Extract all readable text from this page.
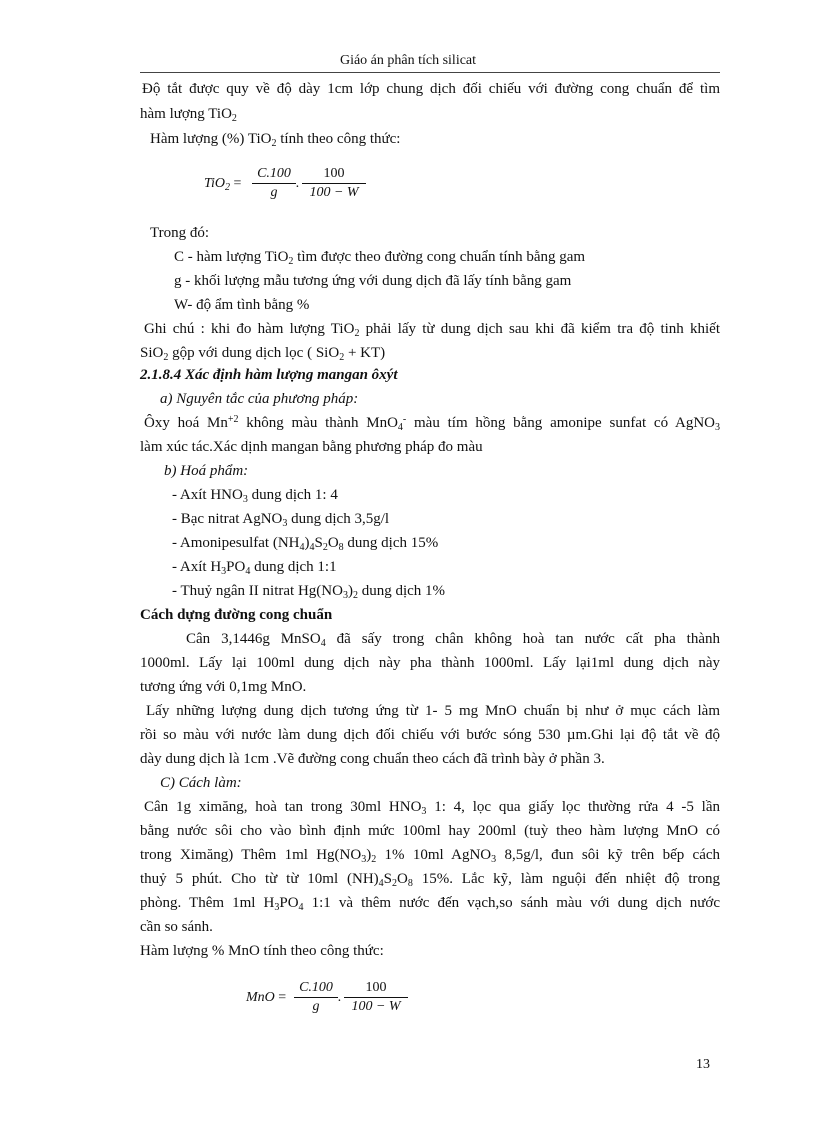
Giáo án phân tích silicat
Độ tắt được quy về độ dày 1cm lớp chung dịch đối chiếu với đường cong chuẩn để tìm
hàm lượng TiO$_2$
Hàm lượng (%) TiO$_2$ tính theo công thức:
TiO$_2$ =
C.100
g
.
100
100 − W
Trong đó:
C - hàm lượng TiO$_2$ tìm được theo đường cong chuẩn tính bằng gam
g - khối lượng mẫu tương ứng với dung dịch đã lấy tính bằng gam
W- độ ẩm tình bằng %
Ghi chú : khi đo hàm lượng TiO$_2$ phải lấy từ dung dịch sau khi đã kiểm tra độ tinh khiết
SiO$_2$ gộp với dung dịch lọc ( SiO$_2$ + KT)
2.1.8.4 Xác định hàm lượng mangan ôxýt
a) Nguyên tắc của phương pháp:
Ôxy hoá $Mn^{+2}$ không màu thành MnO$_4$- màu tím hồng bằng amonipe sunfat có AgNO$_3$
làm xúc tác.Xác dịnh mangan bằng phương pháp đo màu
b) Hoá phẩm:
- Axít $HNO_3$ dung dịch 1: 4
- Bạc nitrat AgNO$_3$ dung dịch 3,5g/l
- Amonipesulfat $(NH_4)_4S_2O_8$ dung dịch 15%
- Axít $H_3PO_4$ dung dịch 1:1
- Thuỷ ngân II nitrat $Hg(NO_3)_2$ dung dịch 1%
Cách dựng đường cong chuẩn
Cân 3,1446g MnSO$_4$ đã sấy trong chân không hoà tan nước cất pha thành
1000ml. Lấy lại 100ml dung dịch này pha thành 1000ml. Lấy lại1ml dung dịch này
tương ứng với 0,1mg MnO.
Lấy những lượng dung dịch tương ứng từ 1- 5 mg MnO chuẩn bị như ở mục cách làm
rồi so màu với nước làm dung dịch đối chiếu với bước sóng 530 µm.Ghi lại độ tắt về độ
dày dung dịch là 1cm .Vẽ đường cong chuẩn theo cách đã trình bày ở phần 3.
C) Cách làm:
Cân 1g ximăng, hoà tan trong 30ml $HNO_3$ 1: 4, lọc qua giấy lọc thường rửa 4 -5 lần
bằng nước sôi cho vào bình định mức 100ml hay 200ml (tuỳ theo hàm lượng MnO có
trong Ximăng) Thêm 1ml $Hg(NO_3)_2$ 1% 10ml AgNO$_3$ 8,5g/l, đun sôi kỹ trên bếp cách
thuỷ 5 phút. Cho từ từ 10ml $(NH)_4S_2O_8$ 15%. Lắc kỹ, làm nguội đến nhiệt độ trong
phòng. Thêm 1ml $H_3PO_4$ 1:1 và thêm nước đến vạch,so sánh màu với dung dịch nước
cần so sánh.
Hàm lượng % MnO tính theo công thức:
MnO =
C.100
g
.
100
100 − W
13
